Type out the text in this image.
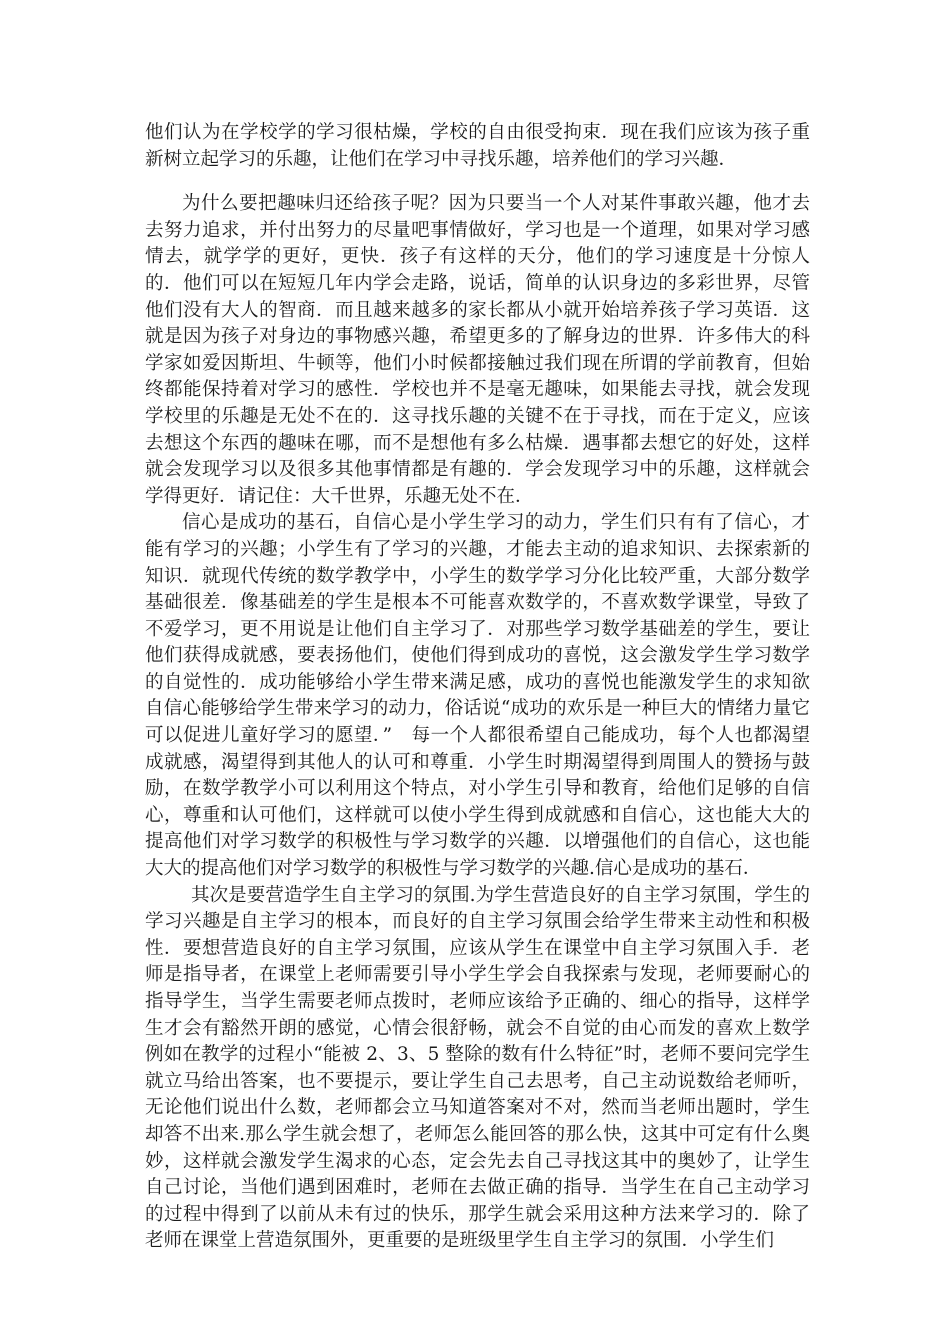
他们认为在学校学的学习很枯燥，学校的自由很受拘束．现在我们应该为孩子重新树立起学习的乐趣，让他们在学习中寻找乐趣，培养他们的学习兴趣．

为什么要把趣味归还给孩子呢？因为只要当一个人对某件事敢兴趣，他才去去努力追求，并付出努力的尽量吧事情做好，学习也是一个道理，如果对学习感情去，就学学的更好，更快．孩子有这样的天分，他们的学习速度是十分惊人的．他们可以在短短几年内学会走路，说话，简单的认识身边的多彩世界，尽管他们没有大人的智商．而且越来越多的家长都从小就开始培养孩子学习英语．这就是因为孩子对身边的事物感兴趣，希望更多的了解身边的世界．许多伟大的科学家如爱因斯坦、牛顿等，他们小时候都接触过我们现在所谓的学前教育，但始终都能保持着对学习的感性．学校也并不是毫无趣味，如果能去寻找，就会发现学校里的乐趣是无处不在的．这寻找乐趣的关键不在于寻找，而在于定义，应该去想这个东西的趣味在哪，而不是想他有多么枯燥．遇事都去想它的好处，这样就会发现学习以及很多其他事情都是有趣的．学会发现学习中的乐趣，这样就会学得更好．请记住：大千世界，乐趣无处不在．

信心是成功的基石，自信心是小学生学习的动力，学生们只有有了信心，才能有学习的兴趣；小学生有了学习的兴趣，才能去主动的追求知识、去探索新的知识．就现代传统的数学教学中，小学生的数学学习分化比较严重，大部分数学基础很差．像基础差的学生是根本不可能喜欢数学的，不喜欢数学课堂，导致了不爱学习，更不用说是让他们自主学习了．对那些学习数学基础差的学生，要让他们获得成就感，要表扬他们，使他们得到成功的喜悦，这会激发学生学习数学的自觉性的．成功能够给小学生带来满足感，成功的喜悦也能激发学生的求知欲自信心能够给学生带来学习的动力，俗话说“成功的欢乐是一种巨大的情绪力量它可以促进儿童好学习的愿望．”　每一个人都很希望自己能成功，每个人也都渴望成就感，渴望得到其他人的认可和尊重．小学生时期渴望得到周围人的赞扬与鼓励，在数学教学小可以利用这个特点，对小学生引导和教育，给他们足够的自信心，尊重和认可他们，这样就可以使小学生得到成就感和自信心，这也能大大的提高他们对学习数学的积极性与学习数学的兴趣．以增强他们的自信心，这也能大大的提高他们对学习数学的积极性与学习数学的兴趣.信心是成功的基石．

其次是要营造学生自主学习的氛围.为学生营造良好的自主学习氛围，学生的学习兴趣是自主学习的根本，而良好的自主学习氛围会给学生带来主动性和积极性．要想营造良好的自主学习氛围，应该从学生在课堂中自主学习氛围入手．老师是指导者，在课堂上老师需要引导小学生学会自我探索与发现，老师要耐心的指导学生，当学生需要老师点拨时，老师应该给予正确的、细心的指导，这样学生才会有豁然开朗的感觉，心情会很舒畅，就会不自觉的由心而发的喜欢上数学例如在教学的过程小“能被 2、3、5 整除的数有什么特征”时，老师不要问完学生就立马给出答案，也不要提示，要让学生自己去思考，自己主动说数给老师听，无论他们说出什么数，老师都会立马知道答案对不对，然而当老师出题时，学生却答不出来.那么学生就会想了，老师怎么能回答的那么快，这其中可定有什么奥妙，这样就会激发学生渴求的心态，定会先去自己寻找这其中的奥妙了，让学生自己讨论，当他们遇到困难时，老师在去做正确的指导．当学生在自己主动学习的过程中得到了以前从未有过的快乐，那学生就会采用这种方法来学习的．除了老师在课堂上营造氛围外，更重要的是班级里学生自主学习的氛围．小学生们
